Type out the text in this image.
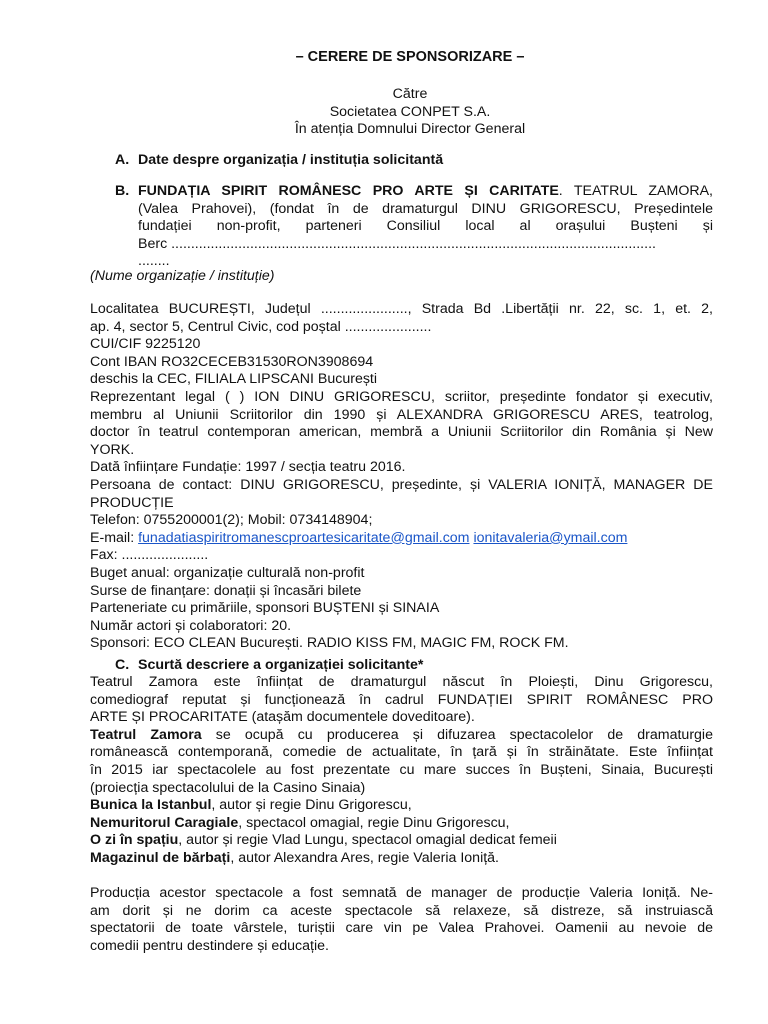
– CERERE DE SPONSORIZARE –
Către
Societatea CONPET S.A.
În atenția Domnului Director General
A. Date despre organizația / instituția solicitantă
B. FUNDAȚIA SPIRIT ROMÂNESC PRO ARTE ȘI CARITATE. TEATRUL ZAMORA,
(Valea Prahovei), (fondat în de dramaturgul DINU GRIGORESCU, Președintele
fundației non-profit, parteneri Consiliul local al orașului Bușteni și
Berc ...........................................................................................................................
........
(Nume organizație / instituție)
Localitatea BUCUREȘTI, Județul ......................, Strada Bd .Libertății nr. 22, sc. 1, et. 2,
ap. 4, sector 5, Centrul Civic, cod poștal ......................
CUI/CIF 9225120
Cont IBAN RO32CECEB31530RON3908694
deschis la CEC, FILIALA LIPSCANI București
Reprezentant legal ( ) ION DINU GRIGORESCU, scriitor, președinte fondator și executiv,
membru al Uniunii Scriitorilor din 1990 și ALEXANDRA GRIGORESCU ARES, teatrolog,
doctor în teatrul contemporan american, membră a Uniunii Scriitorilor din România și New
YORK.
Dată înființare Fundație: 1997 / secția teatru 2016.
Persoana de contact: DINU GRIGORESCU, președinte, și VALERIA IONIȚĂ, MANAGER DE
PRODUCȚIE
Telefon: 0755200001(2); Mobil: 0734148904;
E-mail: funadatiaspiritromanescproartesicaritate@gmail.com ionitavaleria@ymail.com
Fax: ......................
Buget anual: organizație culturală non-profit
Surse de finanțare: donații și încasări bilete
Parteneriate cu primăriile, sponsori BUȘTENI și SINAIA
Număr actori și colaboratori: 20.
Sponsori: ECO CLEAN București. RADIO KISS FM, MAGIC FM, ROCK FM.
C. Scurtă descriere a organizației solicitante*
Teatrul Zamora este înființat de dramaturgul născut în Ploiești, Dinu Grigorescu,
comediograf reputat și funcționează în cadrul FUNDAȚIEI SPIRIT ROMÂNESC PRO
ARTE ȘI PROCARITATE (atașăm documentele doveditoare).
Teatrul Zamora se ocupă cu producerea și difuzarea spectacolelor de dramaturgie
românească contemporană, comedie de actualitate, în țară și în străinătate. Este înființat
în 2015 iar spectacolele au fost prezentate cu mare succes în Bușteni, Sinaia, București
(proiecția spectacolului de la Casino Sinaia)
Bunica la Istanbul, autor și regie Dinu Grigorescu,
Nemuritorul Caragiale, spectacol omagial, regie Dinu Grigorescu,
O zi în spațiu, autor și regie Vlad Lungu, spectacol omagial dedicat femeii
Magazinul de bărbați, autor Alexandra Ares, regie Valeria Ioniță.
Producția acestor spectacole a fost semnată de manager de producție Valeria Ioniță. Ne-
am dorit și ne dorim ca aceste spectacole să relaxeze, să distreze, să instruiască
spectatorii de toate vârstele, turiștii care vin pe Valea Prahovei. Oamenii au nevoie de
comedii pentru destindere și educație.
